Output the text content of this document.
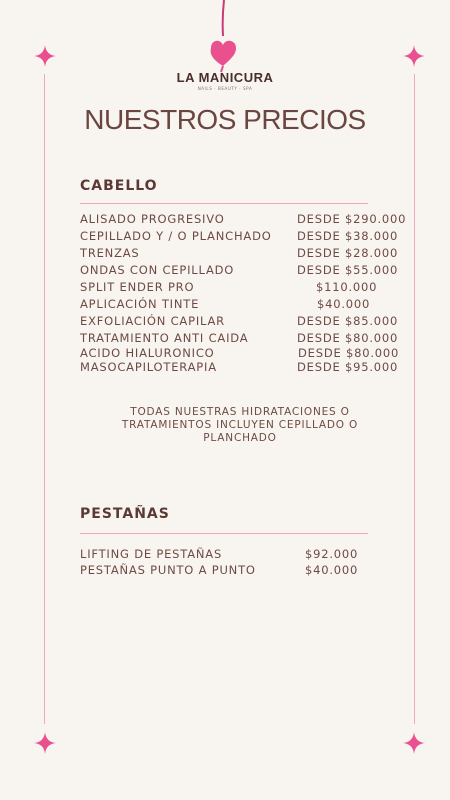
LA MANICURA
NAILS · BEAUTY · SPA
NUESTROS PRECIOS
CABELLO
ALISADO PROGRESIVO	DESDE $290.000
CEPILLADO Y / O PLANCHADO DESDE $38.000
TRENZAS	DESDE $28.000
ONDAS CON CEPILLADO	DESDE $55.000
SPLIT ENDER PRO	$110.000
APLICACIÓN TINTE	$40.000
EXFOLIACIÓN CAPILAR	DESDE $85.000
TRATAMIENTO ANTI CAIDA	DESDE $80.000
ACIDO HIALURONICO	DESDE $80.000
MASOCAPILOTERAPIA	DESDE $95.000
TODAS NUESTRAS HIDRATACIONES O TRATAMIENTOS INCLUYEN CEPILLADO O PLANCHADO
PESTAÑAS
LIFTING DE PESTAÑAS	$92.000
PESTAÑAS PUNTO A PUNTO	$40.000
